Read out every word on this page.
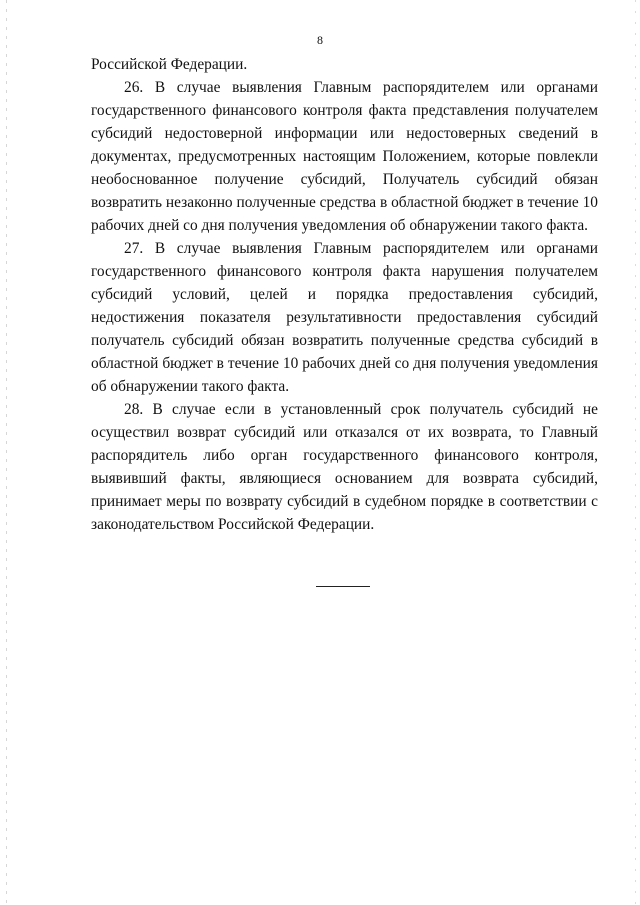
8

Российской Федерации.

26. В случае выявления Главным распорядителем или органами государственного финансового контроля факта представления получателем субсидий недостоверной информации или недостоверных сведений в документах, предусмотренных настоящим Положением, которые повлекли необоснованное получение субсидий, Получатель субсидий обязан возвратить незаконно полученные средства в областной бюджет в течение 10 рабочих дней со дня получения уведомления об обнаружении такого факта.

27. В случае выявления Главным распорядителем или органами государственного финансового контроля факта нарушения получателем субсидий условий, целей и порядка предоставления субсидий, недостижения показателя результативности предоставления субсидий получатель субсидий обязан возвратить полученные средства субсидий в областной бюджет в течение 10 рабочих дней со дня получения уведомления об обнаружении такого факта.

28. В случае если в установленный срок получатель субсидий не осуществил возврат субсидий или отказался от их возврата, то Главный распорядитель либо орган государственного финансового контроля, выявивший факты, являющиеся основанием для возврата субсидий, принимает меры по возврату субсидий в судебном порядке в соответствии с законодательством Российской Федерации.
